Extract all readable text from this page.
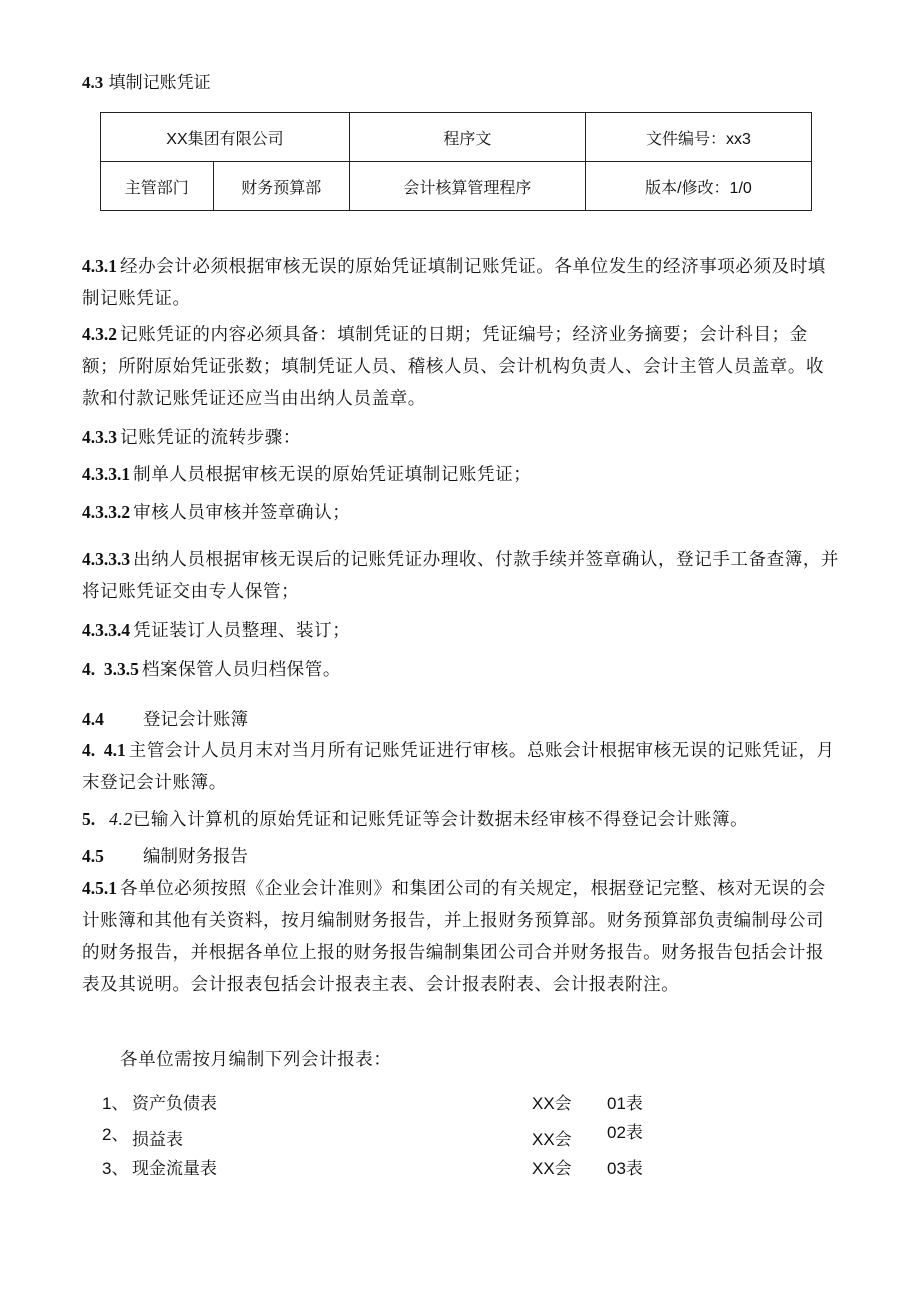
4.3 填制记账凭证
XX集团有限公司		程序文	文件编号：xx3
主管部门	财务预算部	会计核算管理程序	版本/修改：1/0
4.3.1 经办会计必须根据审核无误的原始凭证填制记账凭证。各单位发生的经济事项必须及时填制记账凭证。
4.3.2 记账凭证的内容必须具备：填制凭证的日期；凭证编号；经济业务摘要；会计科目；金额；所附原始凭证张数；填制凭证人员、稽核人员、会计机构负责人、会计主管人员盖章。收款和付款记账凭证还应当由出纳人员盖章。
4.3.3 记账凭证的流转步骤：
4.3.3.1 制单人员根据审核无误的原始凭证填制记账凭证；
4.3.3.2 审核人员审核并签章确认；
4.3.3.3 出纳人员根据审核无误后的记账凭证办理收、付款手续并签章确认，登记手工备查簿，并将记账凭证交由专人保管；
4.3.3.4 凭证装订人员整理、装订；
4.  3.3.5 档案保管人员归档保管。
4.4 登记会计账簿
4.  4.1 主管会计人员月末对当月所有记账凭证进行审核。总账会计根据审核无误的记账凭证，月末登记会计账簿。
5. 4.2已输入计算机的原始凭证和记账凭证等会计数据未经审核不得登记会计账簿。
4.5 编制财务报告
4.5.1 各单位必须按照《企业会计准则》和集团公司的有关规定，根据登记完整、核对无误的会计账簿和其他有关资料，按月编制财务报告，并上报财务预算部。财务预算部负责编制母公司的财务报告，并根据各单位上报的财务报告编制集团公司合并财务报告。财务报告包括会计报表及其说明。会计报表包括会计报表主表、会计报表附表、会计报表附注。
各单位需按月编制下列会计报表：
1、 资产负债表	XX会 01表
2、 损益表	XX会 02表
3、 现金流量表	XX会 03表
